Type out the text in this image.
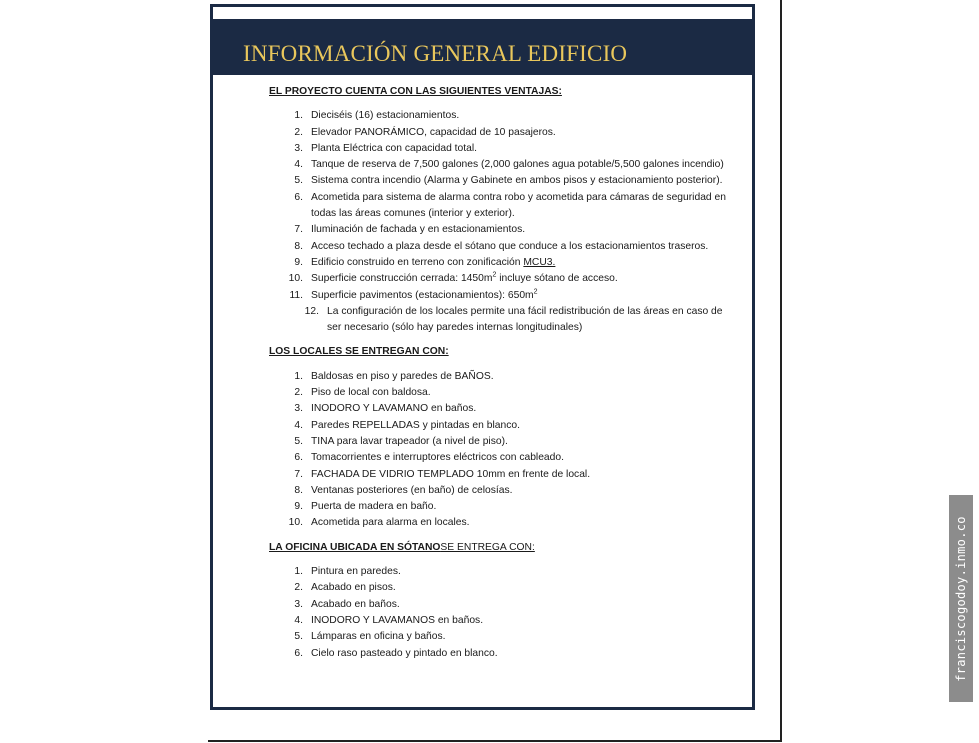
INFORMACIÓN GENERAL EDIFICIO
EL PROYECTO CUENTA CON LAS SIGUIENTES VENTAJAS:
1. Dieciséis (16) estacionamientos.
2. Elevador PANORÁMICO, capacidad de 10 pasajeros.
3. Planta Eléctrica con capacidad total.
4. Tanque de reserva de 7,500 galones (2,000 galones agua potable/5,500 galones incendio)
5. Sistema contra incendio (Alarma y Gabinete en ambos pisos y estacionamiento posterior).
6. Acometida para sistema de alarma contra robo y acometida para cámaras de seguridad en todas las áreas comunes (interior y exterior).
7. Iluminación de fachada y en estacionamientos.
8. Acceso techado a plaza desde el sótano que conduce a los estacionamientos traseros.
9. Edificio construido en terreno con zonificación MCU3.
10. Superficie construcción cerrada: $1450m^2$ incluye sótano de acceso.
11. Superficie pavimentos (estacionamientos): $650m^2$
12. La configuración de los locales permite una fácil redistribución de las áreas en caso de ser necesario (sólo hay paredes internas longitudinales)
LOS LOCALES SE ENTREGAN CON:
1. Baldosas en piso y paredes de BAÑOS.
2. Piso de local con baldosa.
3. INODORO Y LAVAMANO en baños.
4. Paredes REPELLADAS y pintadas en blanco.
5. TINA para lavar trapeador (a nivel de piso).
6. Tomacorrientes e interruptores eléctricos con cableado.
7. FACHADA DE VIDRIO TEMPLADO 10mm en frente de local.
8. Ventanas posteriores (en baño) de celosías.
9. Puerta de madera en baño.
10. Acometida para alarma en locales.
LA OFICINA UBICADA EN SÓTANOSE ENTREGA CON:
1. Pintura en paredes.
2. Acabado en pisos.
3. Acabado en baños.
4. INODORO Y LAVAMANOS en baños.
5. Lámparas en oficina y baños.
6. Cielo raso pasteado y pintado en blanco.	franciscogodoy.inmo.co
